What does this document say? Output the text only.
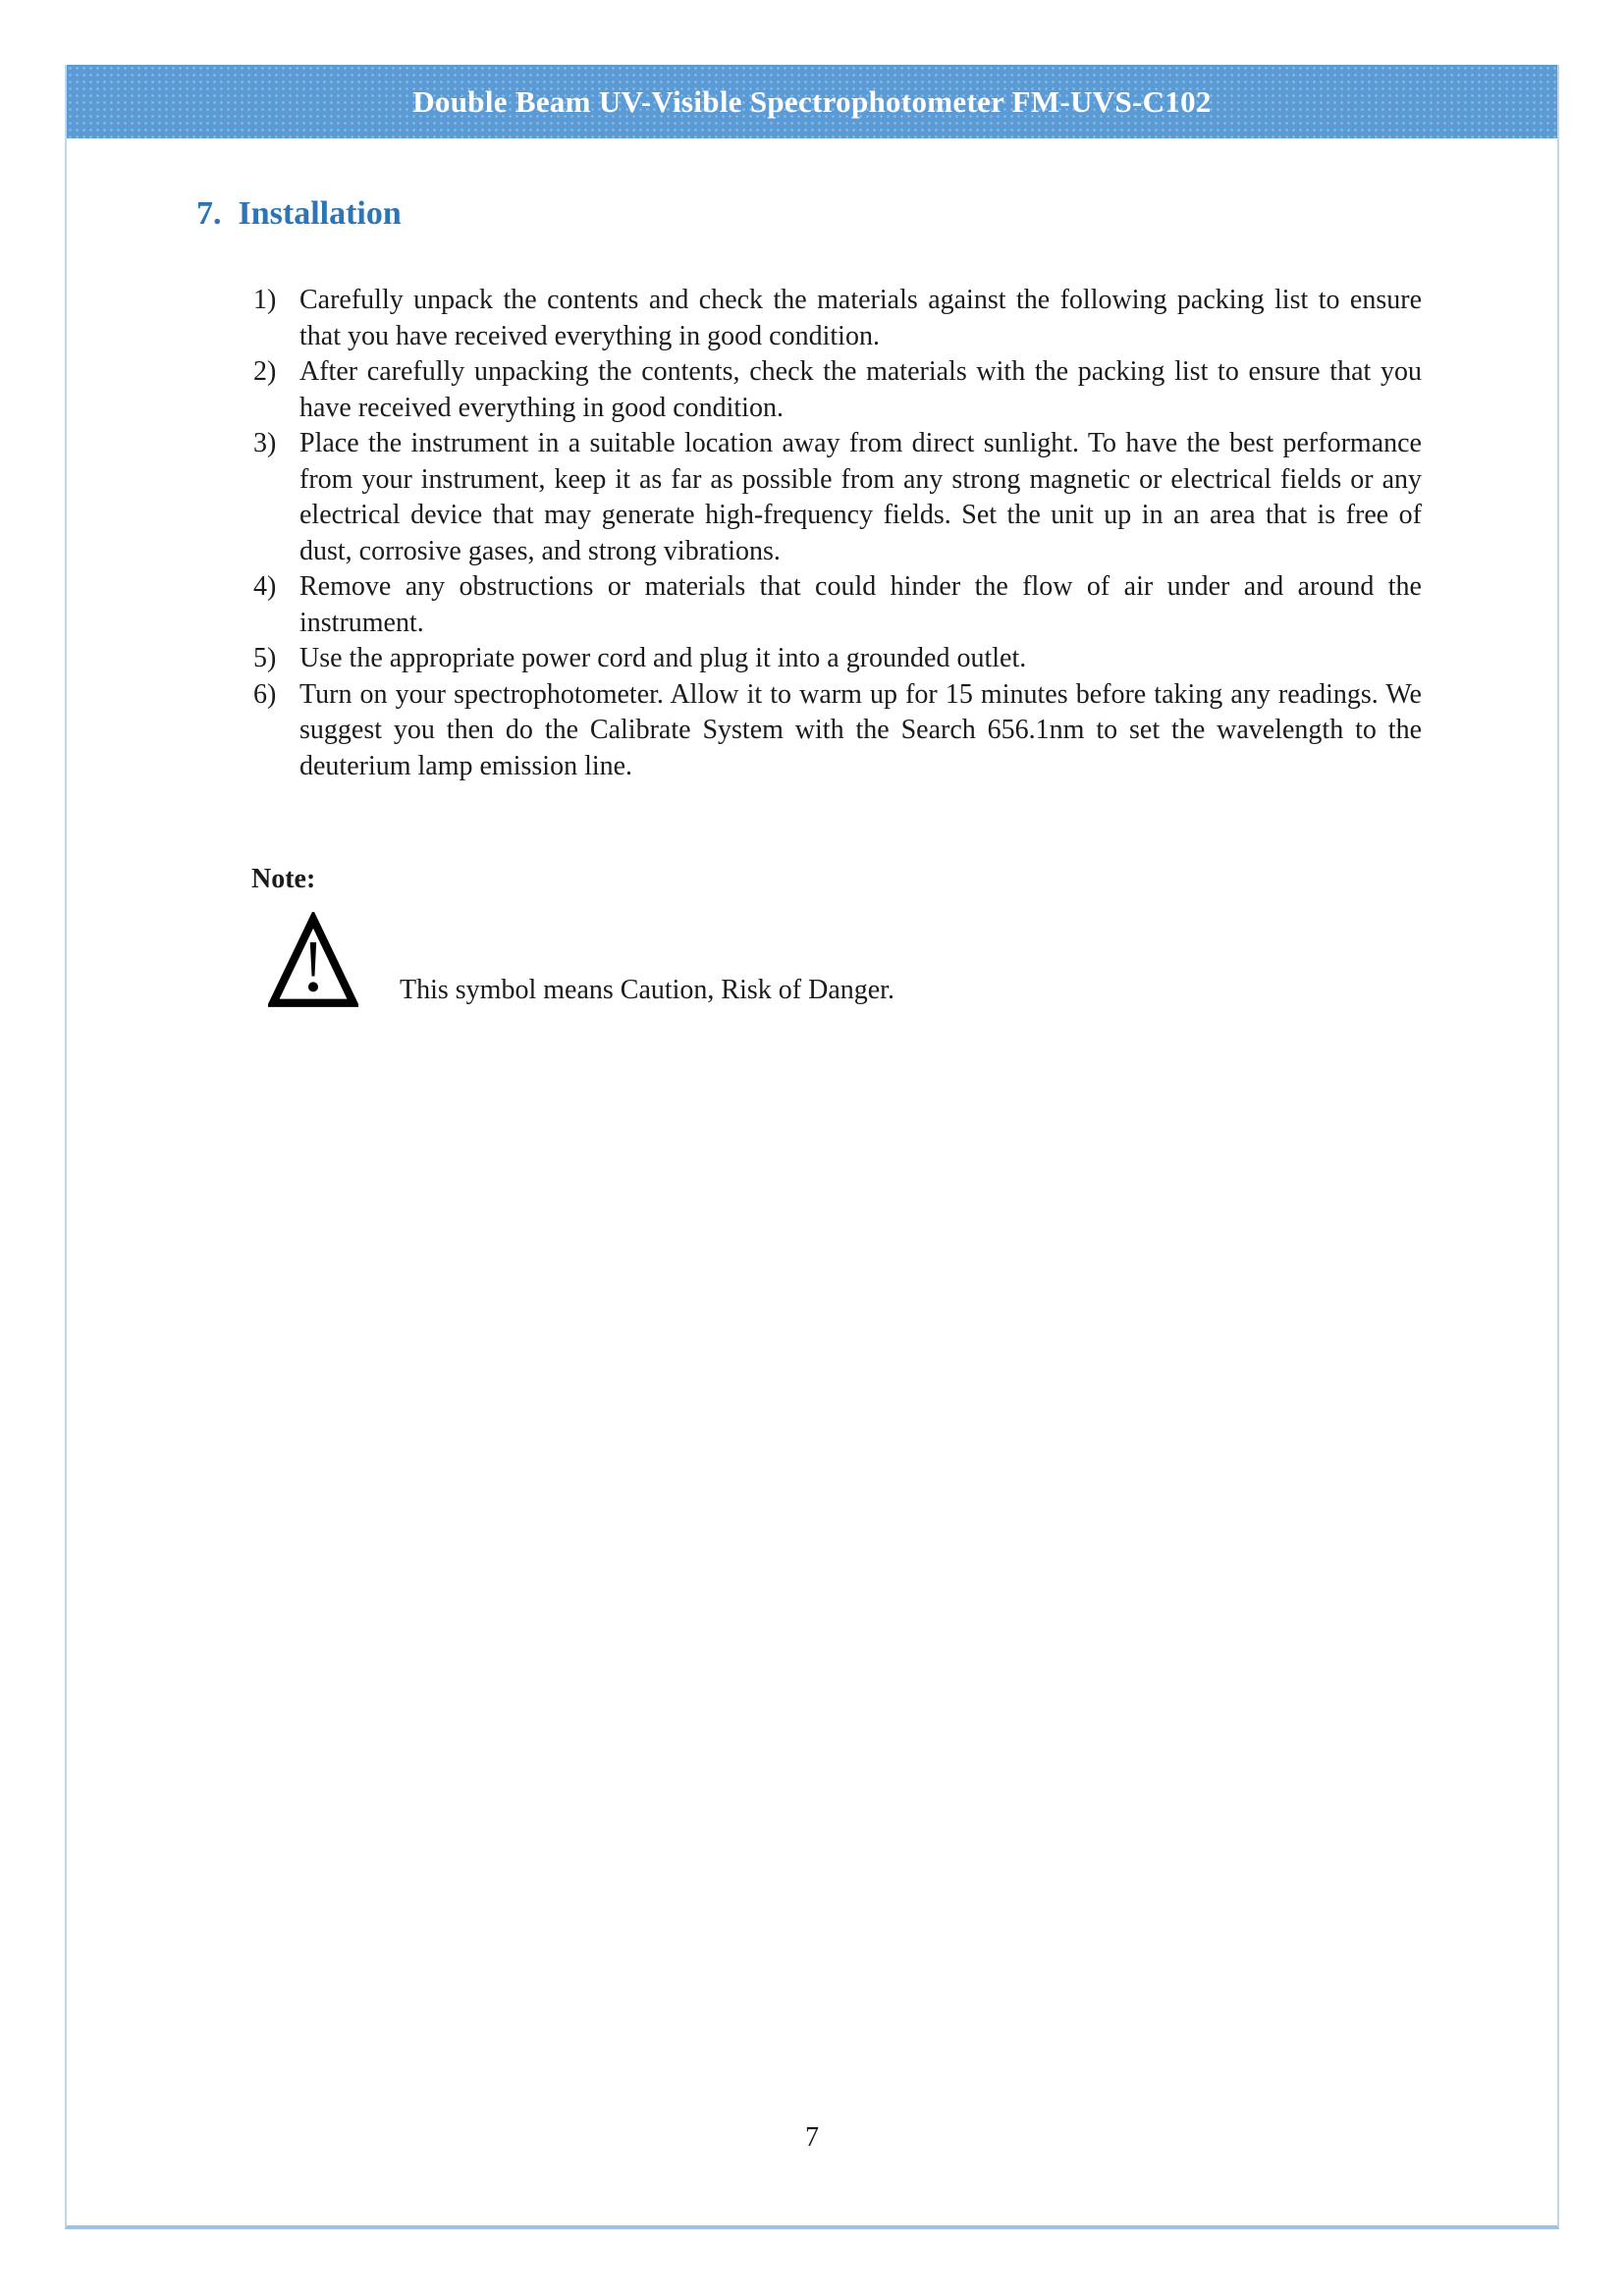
Double Beam UV-Visible Spectrophotometer FM-UVS-C102
7. Installation
1) Carefully unpack the contents and check the materials against the following packing list to ensure that you have received everything in good condition.
2) After carefully unpacking the contents, check the materials with the packing list to ensure that you have received everything in good condition.
3) Place the instrument in a suitable location away from direct sunlight. To have the best performance from your instrument, keep it as far as possible from any strong magnetic or electrical fields or any electrical device that may generate high-frequency fields. Set the unit up in an area that is free of dust, corrosive gases, and strong vibrations.
4) Remove any obstructions or materials that could hinder the flow of air under and around the instrument.
5) Use the appropriate power cord and plug it into a grounded outlet.
6) Turn on your spectrophotometer. Allow it to warm up for 15 minutes before taking any readings. We suggest you then do the Calibrate System with the Search 656.1nm to set the wavelength to the deuterium lamp emission line.
Note:
This symbol means Caution, Risk of Danger.
7
